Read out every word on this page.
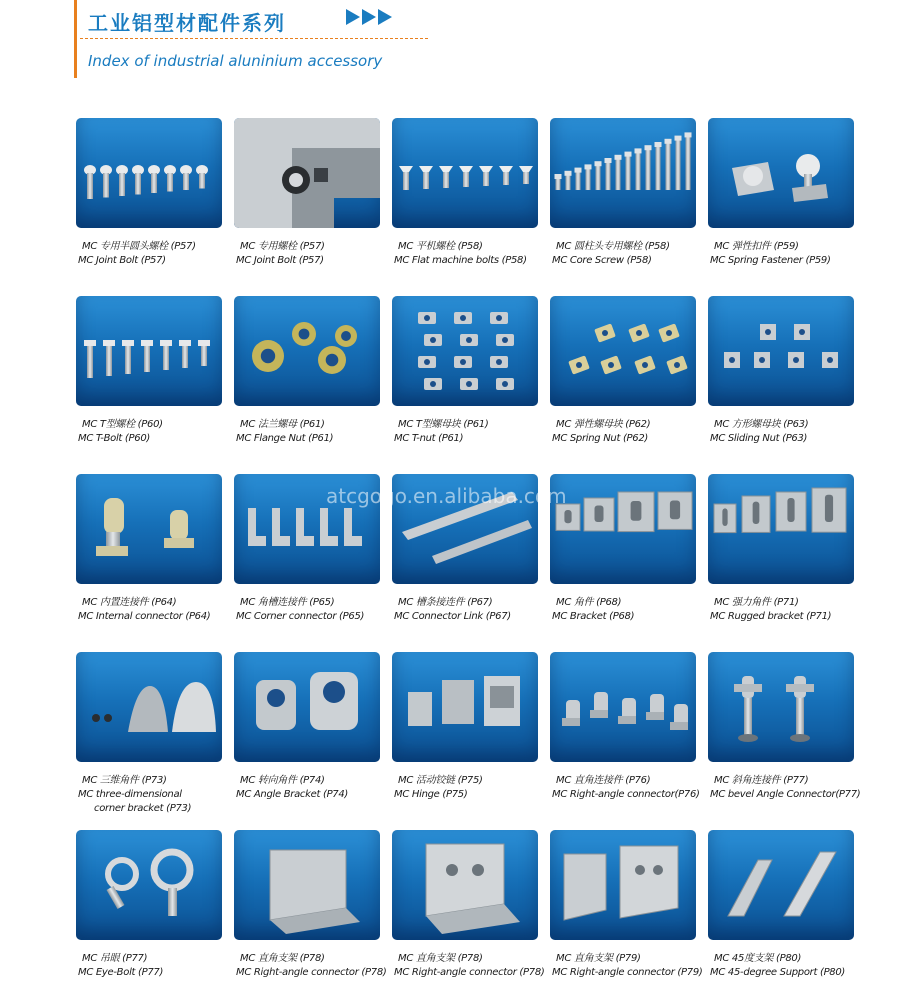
工业铝型材配件系列
Index of industrial aluninium accessory
MC 专用半圆头螺栓 (P57)
MC Joint Bolt (P57)
MC 专用螺栓 (P57)
MC Joint Bolt (P57)
MC 平机螺栓 (P58)
MC Flat machine bolts (P58)
MC 圆柱头专用螺栓 (P58)
MC Core Screw (P58)
MC 弹性扣件 (P59)
MC Spring Fastener (P59)
MC T型螺栓 (P60)
MC T-Bolt (P60)
MC 法兰螺母 (P61)
MC Flange Nut (P61)
MC T型螺母块 (P61)
MC T-nut (P61)
MC 弹性螺母块 (P62)
MC Spring Nut (P62)
MC 方形螺母块 (P63)
MC Sliding Nut (P63)
MC 内置连接件 (P64)
MC Internal connector (P64)
MC 角槽连接件 (P65)
MC Corner connector (P65)
MC 槽条接连件 (P67)
MC Connector Link (P67)
MC 角件 (P68)
MC Bracket (P68)
MC 强力角件 (P71)
MC Rugged bracket (P71)
MC 三维角件 (P73)
MC three-dimensional
corner bracket (P73)
MC 转向角件 (P74)
MC Angle Bracket (P74)
MC 活动铰链 (P75)
MC Hinge (P75)
MC 直角连接件 (P76)
MC Right-angle connector(P76)
MC 斜角连接件 (P77)
MC bevel Angle Connector(P77)
MC 吊眼 (P77)
MC Eye-Bolt (P77)
MC 直角支架 (P78)
MC Right-angle connector (P78)
MC 直角支架 (P78)
MC Right-angle connector (P78)
MC 直角支架 (P79)
MC Right-angle connector (P79)
MC 45度支架 (P80)
MC 45-degree Support (P80)
atcgogo.en.alibaba.com
